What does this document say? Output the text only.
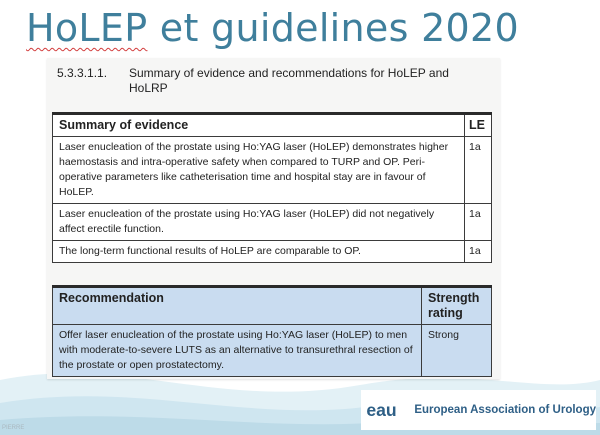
HoLEP et guidelines 2020
5.3.3.1.1. Summary of evidence and recommendations for HoLEP and
HoLRP
Summary of evidence	LE
Laser enucleation of the prostate using Ho:YAG laser (HoLEP) demonstrates higher haemostasis and intra-operative safety when compared to TURP and OP. Peri-operative parameters like catheterisation time and hospital stay are in favour of HoLEP.	1a
Laser enucleation of the prostate using Ho:YAG laser (HoLEP) did not negatively affect erectile function.	1a
The long-term functional results of HoLEP are comparable to OP.	1a
Recommendation	Strength
rating
Offer laser enucleation of the prostate using Ho:YAG laser (HoLEP) to men with moderate-to-severe LUTS as an alternative to transurethral resection of the prostate or open prostatectomy.	Strong
eau European Association of Urology
PIERRE
